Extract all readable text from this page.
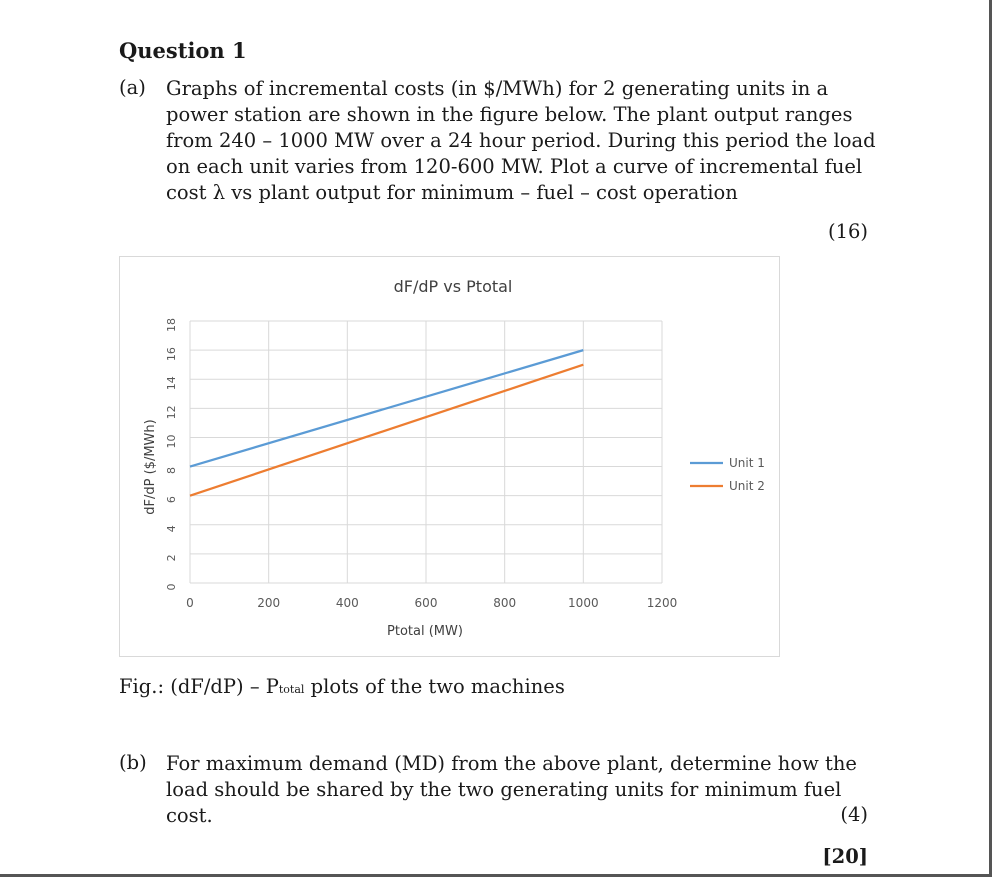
Question 1
(a) Graphs of incremental costs (in $/MWh) for 2 generating units in a
power station are shown in the figure below. The plant output ranges
from 240 – 1000 MW over a 24 hour period. During this period the load
on each unit varies from 120-600 MW. Plot a curve of incremental fuel
cost λ vs plant output for minimum – fuel – cost operation
(16)
dF/dP vs Ptotal
0
2
4
6
8
10
12
14
16
18
0	200	400	600	800	1000	1200
Unit 1
Unit 2
Ptotal (MW)
dF/dP ($/MWh)
Fig.: (dF/dP) – Ptotal plots of the two machines
(b) For maximum demand (MD) from the above plant, determine how the
load should be shared by the two generating units for minimum fuel
cost.	(4)
[20]
